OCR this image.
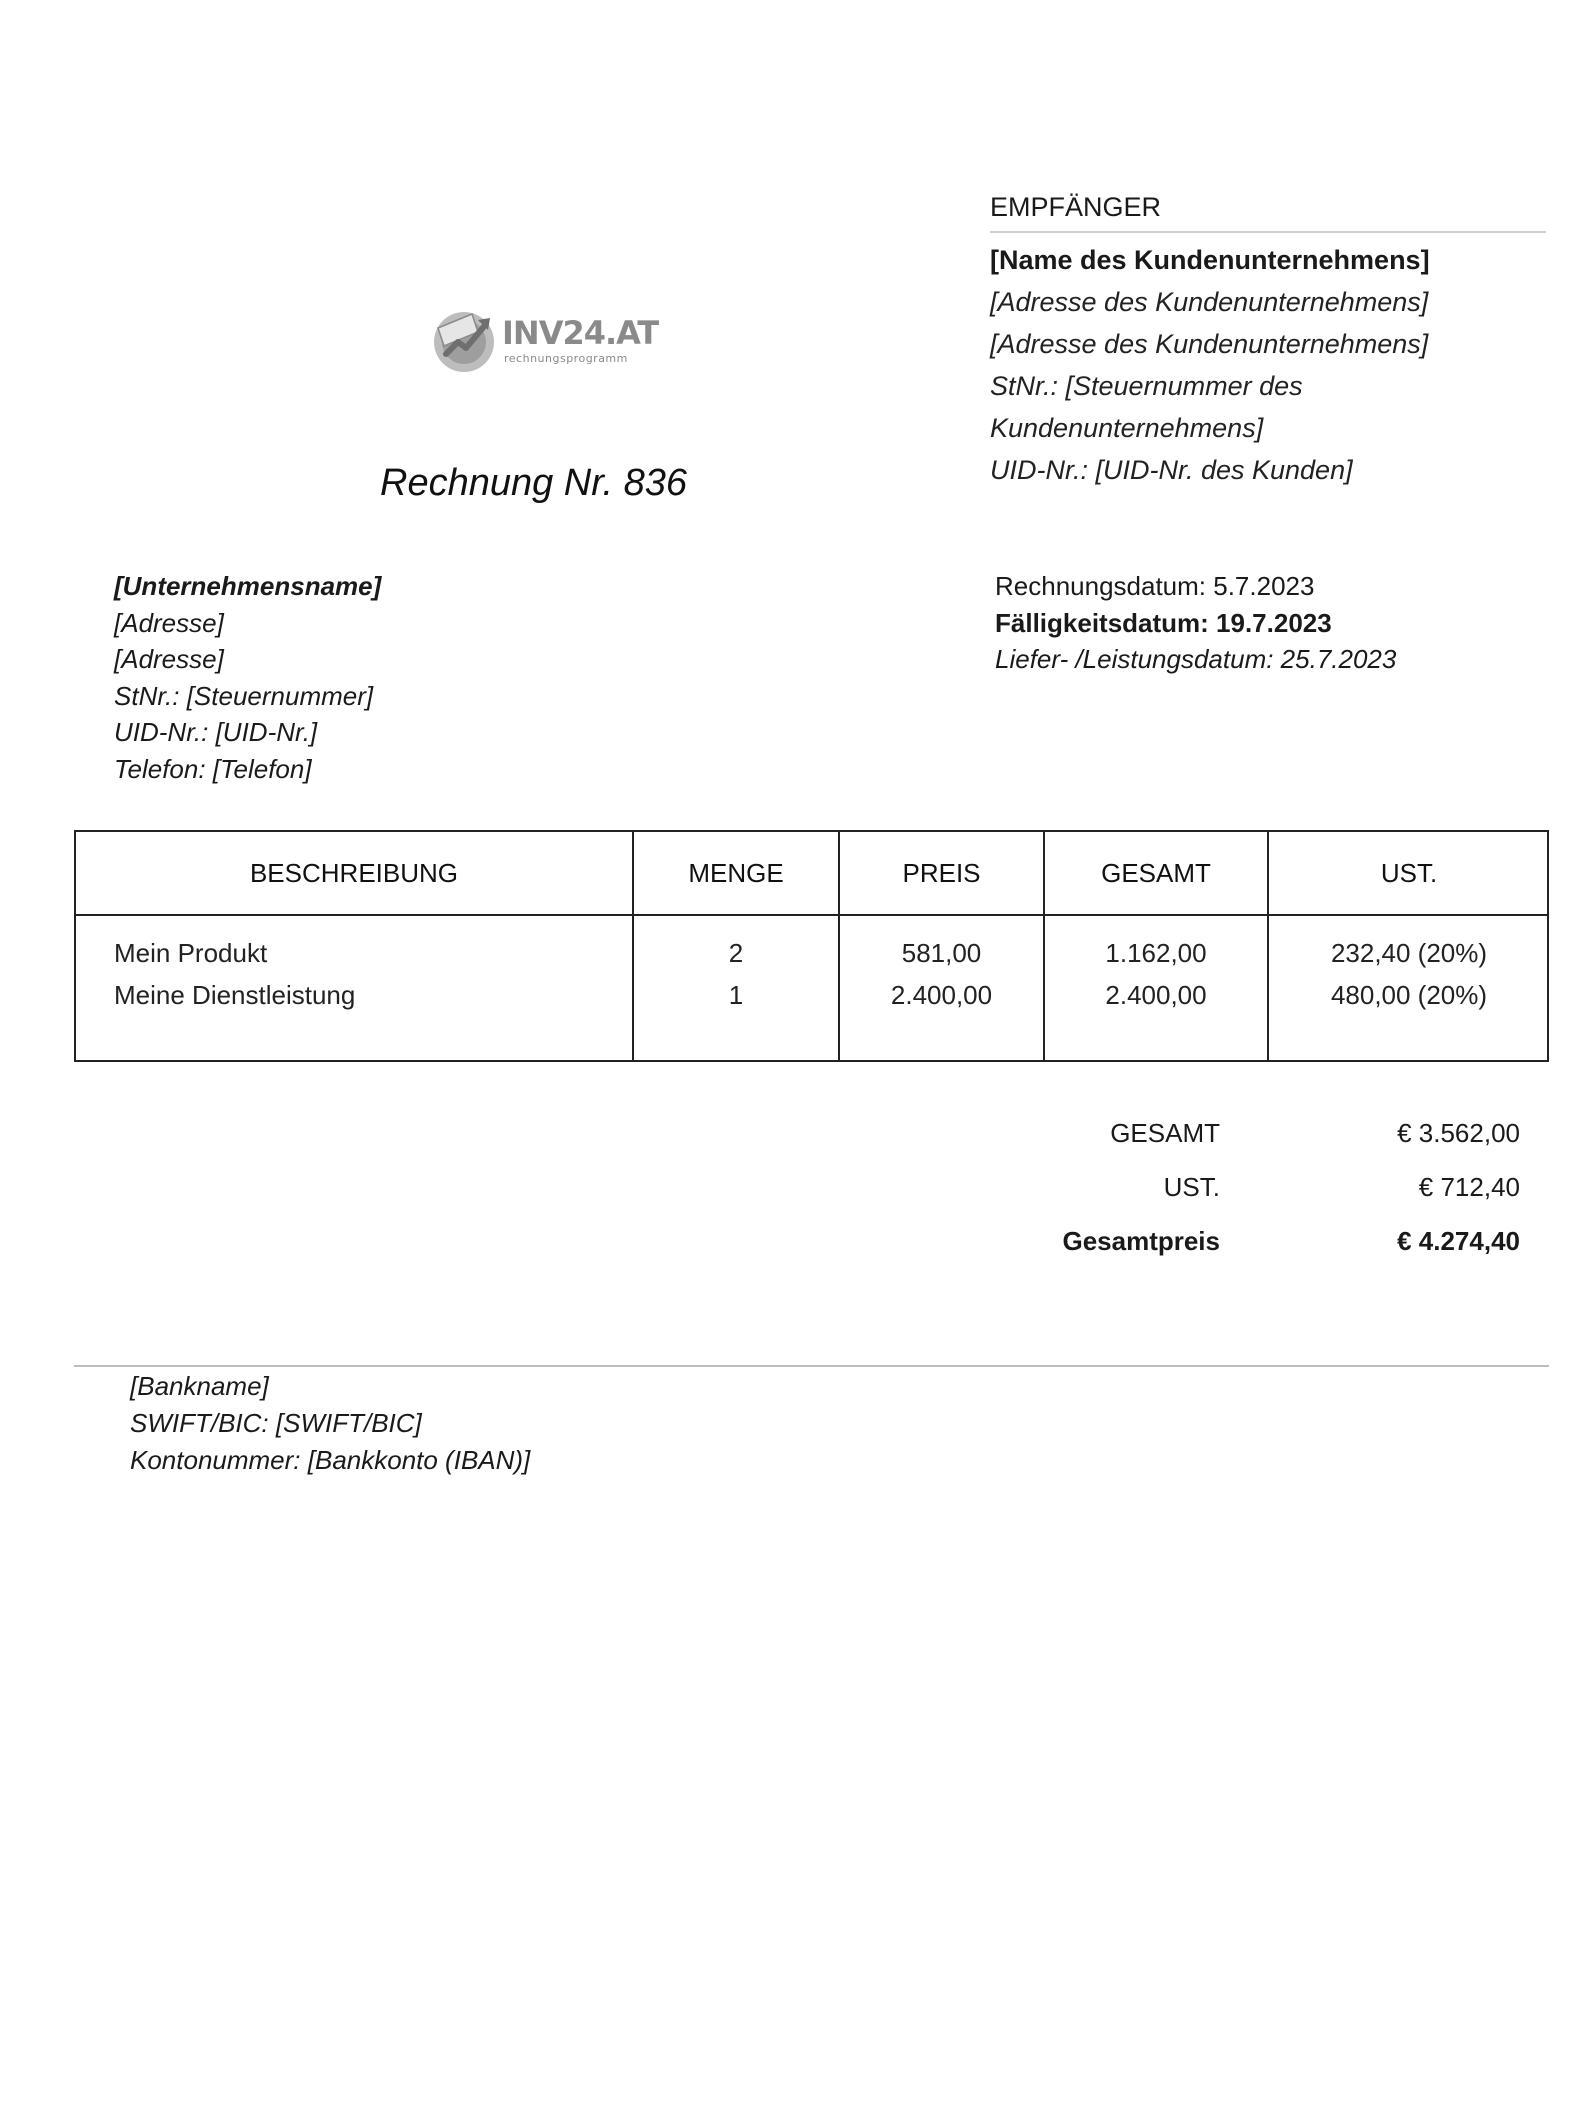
INV24.AT
rechnungsprogramm
Rechnung Nr. 836
EMPFÄNGER
[Name des Kundenunternehmens]
[Adresse des Kundenunternehmens]
[Adresse des Kundenunternehmens]
StNr.: [Steuernummer des
Kundenunternehmens]
UID-Nr.: [UID-Nr. des Kunden]
[Unternehmensname]
[Adresse]
[Adresse]
StNr.: [Steuernummer]
UID-Nr.: [UID-Nr.]
Telefon: [Telefon]
Rechnungsdatum: 5.7.2023
Fälligkeitsdatum: 19.7.2023
Liefer- /Leistungsdatum: 25.7.2023
BESCHREIBUNG	MENGE	PREIS	GESAMT	UST.
Mein Produkt	2	581,00	1.162,00	232,40 (20%)
Meine Dienstleistung	1	2.400,00	2.400,00	480,00 (20%)
GESAMT	€ 3.562,00
UST.	€ 712,40
Gesamtpreis	€ 4.274,40
[Bankname]
SWIFT/BIC: [SWIFT/BIC]
Kontonummer: [Bankkonto (IBAN)]
